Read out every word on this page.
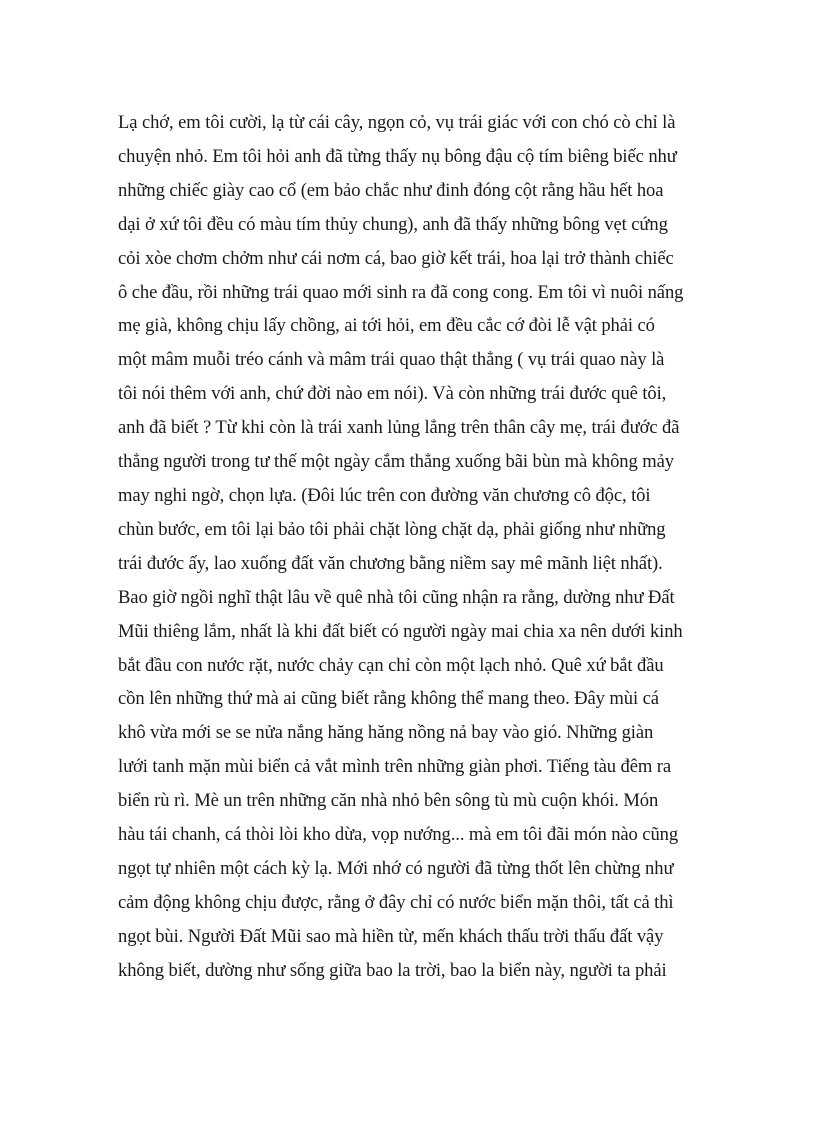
Lạ chớ, em tôi cười, lạ từ cái cây, ngọn cỏ, vụ trái giác với con chó cò chỉ là
chuyện nhỏ. Em tôi hỏi anh đã từng thấy nụ bông đậu cộ tím biêng biếc như
những chiếc giày cao cổ (em bảo chắc như đinh đóng cột rằng hầu hết hoa
dại ở xứ tôi đều có màu tím thủy chung), anh đã thấy những bông vẹt cứng
cỏi xòe chơm chởm như cái nơm cá, bao giờ kết trái, hoa lại trở thành chiếc
ô che đầu, rồi những trái quao mới sinh ra đã cong cong. Em tôi vì nuôi nấng
mẹ già, không chịu lấy chồng, ai tới hỏi, em đều cắc cớ đòi lễ vật phải có
một mâm muỗi tréo cánh và mâm trái quao thật thẳng ( vụ trái quao này là
tôi nói thêm với anh, chứ đời nào em nói). Và còn những trái đước quê tôi,
anh đã biết ? Từ khi còn là trái xanh lủng lẳng trên thân cây mẹ, trái đước đã
thẳng người trong tư thế một ngày cắm thẳng xuống bãi bùn mà không mảy
may nghi ngờ, chọn lựa. (Đôi lúc trên con đường văn chương cô độc, tôi
chùn bước, em tôi lại bảo tôi phải chặt lòng chặt dạ, phải giống như những
trái đước ấy, lao xuống đất văn chương bằng niềm say mê mãnh liệt nhất).
Bao giờ ngồi nghĩ thật lâu về quê nhà tôi cũng nhận ra rằng, dường như Đất
Mũi thiêng lắm, nhất là khi đất biết có người ngày mai chia xa nên dưới kinh
bắt đầu con nước rặt, nước chảy cạn chỉ còn một lạch nhỏ. Quê xứ bắt đầu
cồn lên những thứ mà ai cũng biết rằng không thể mang theo. Đây mùi cá
khô vừa mới se se nửa nắng hăng hăng nồng nả bay vào gió. Những giàn
lưới tanh mặn mùi biển cả vắt mình trên những giàn phơi. Tiếng tàu đêm ra
biển rù rì. Mè un trên những căn nhà nhỏ bên sông tù mù cuộn khói. Món
hàu tái chanh, cá thòi lòi kho dừa, vọp nướng... mà em tôi đãi món nào cũng
ngọt tự nhiên một cách kỳ lạ. Mới nhớ có người đã từng thốt lên chừng như
cảm động không chịu được, rằng ở đây chỉ có nước biển mặn thôi, tất cả thì
ngọt bùi. Người Đất Mũi sao mà hiền từ, mến khách thấu trời thấu đất vậy
không biết, dường như sống giữa bao la trời, bao la biển này, người ta phải
